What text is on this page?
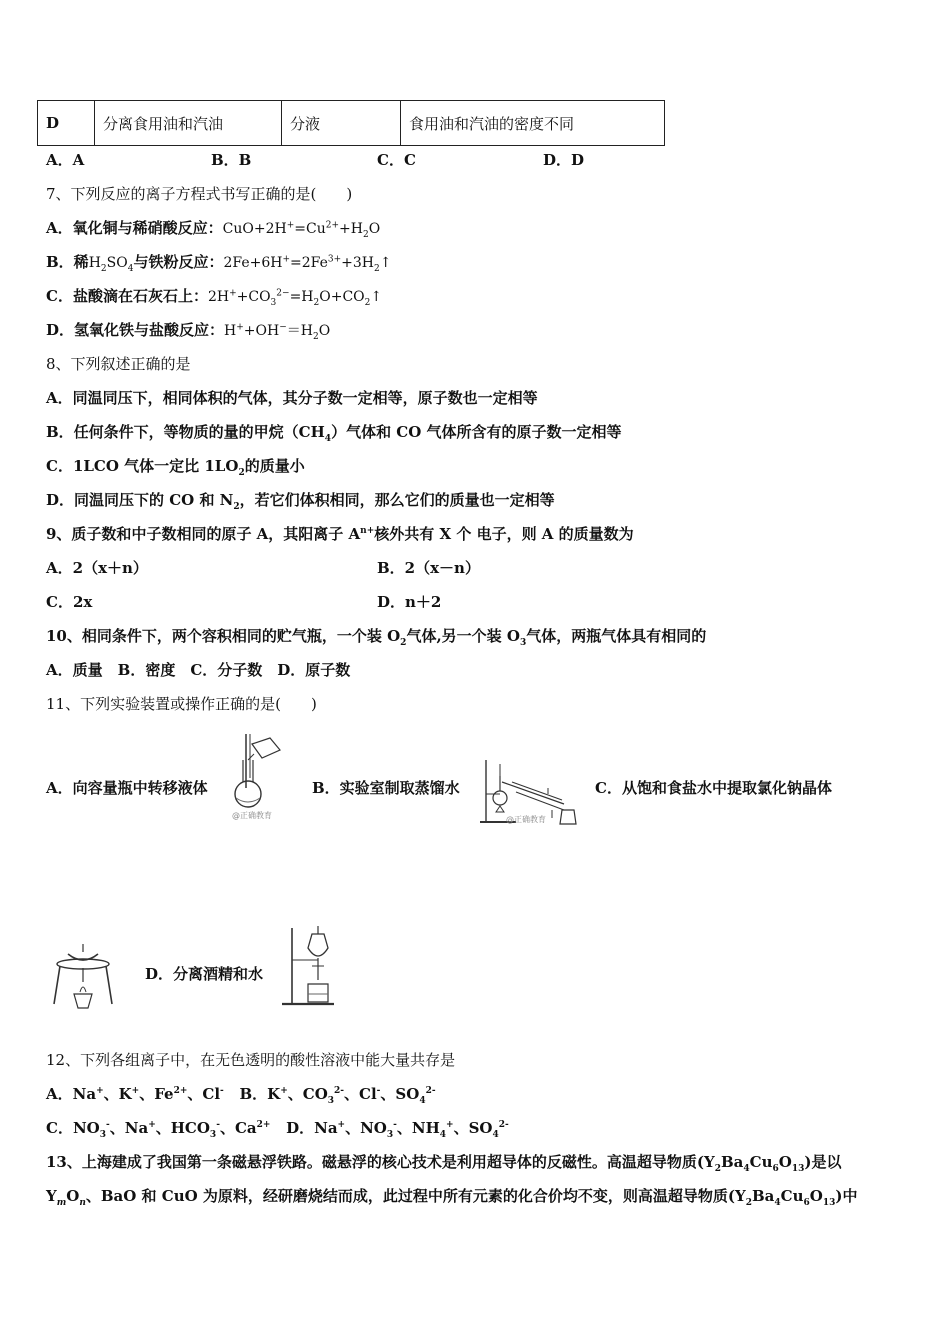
D	分离食用油和汽油	分液	食用油和汽油的密度不同
A．A	B．B	C．C	D．D
7、下列反应的离子方程式书写正确的是(　　)
A．氧化铜与稀硝酸反应：$CuO+2H^+=Cu^{2+}+H_2O$
B．稀$H_2SO_4$与铁粉反应：$2Fe+6H^+=2Fe^{3+}+3H_2↑$
C．盐酸滴在石灰石上：$2H^++CO_3^{2-}=H_2O+CO_2↑$
D．氢氧化铁与盐酸反应：$H^++OH^-=H_2O$
8、下列叙述正确的是
A．同温同压下，相同体积的气体，其分子数一定相等，原子数也一定相等
B．任何条件下，等物质的量的甲烷$(CH_4)$气体和 CO 气体所含有的原子数一定相等
C．1LCO 气体一定比 $1LO_2$的质量小
D．同温同压下的 CO 和 $N_2$，若它们体积相同，那么它们的质量也一定相等
9、质子数和中子数相同的原子 A，其阳离子 $A^{n+}$核外共有 X 个 电子，则 A 的质量数为
A．2（x＋n）	B．2（x－n）
C．2x	D．n＋2
10、相同条件下，两个容积相同的贮气瓶，一个装 $O_2$气体,另一个装 $O_3$气体，两瓶气体具有相同的
A．质量　B．密度　C．分子数　D．原子数
11、下列实验装置或操作正确的是(　　)
A．向容量瓶中转移液体
@正确教育
B．实验室制取蒸馏水
@正确教育
C．从饱和食盐水中提取氯化钠晶体
D．分离酒精和水
12、下列各组离子中，在无色透明的酸性溶液中能大量共存是
A．Na+、K+、$Fe^{2+}$、Cl- B．K+、$CO_3^{2-}$、Cl-、$SO_4^{2-}$
C．$NO_3^-$、Na+、$HCO_3^-$、$Ca^{2+}$ D．Na+、$NO_3^-$、$NH_4^+$、$SO_4^{2-}$
13、上海建成了我国第一条磁悬浮铁路。磁悬浮的核心技术是利用超导体的反磁性。高温超导物质$(Y_2Ba_4Cu_6O_{13})$是以
$Y_mO_n$、BaO 和 CuO 为原料，经研磨烧结而成，此过程中所有元素的化合价均不变，则高温超导物质$(Y_2Ba_4Cu_6O_{13})$中
